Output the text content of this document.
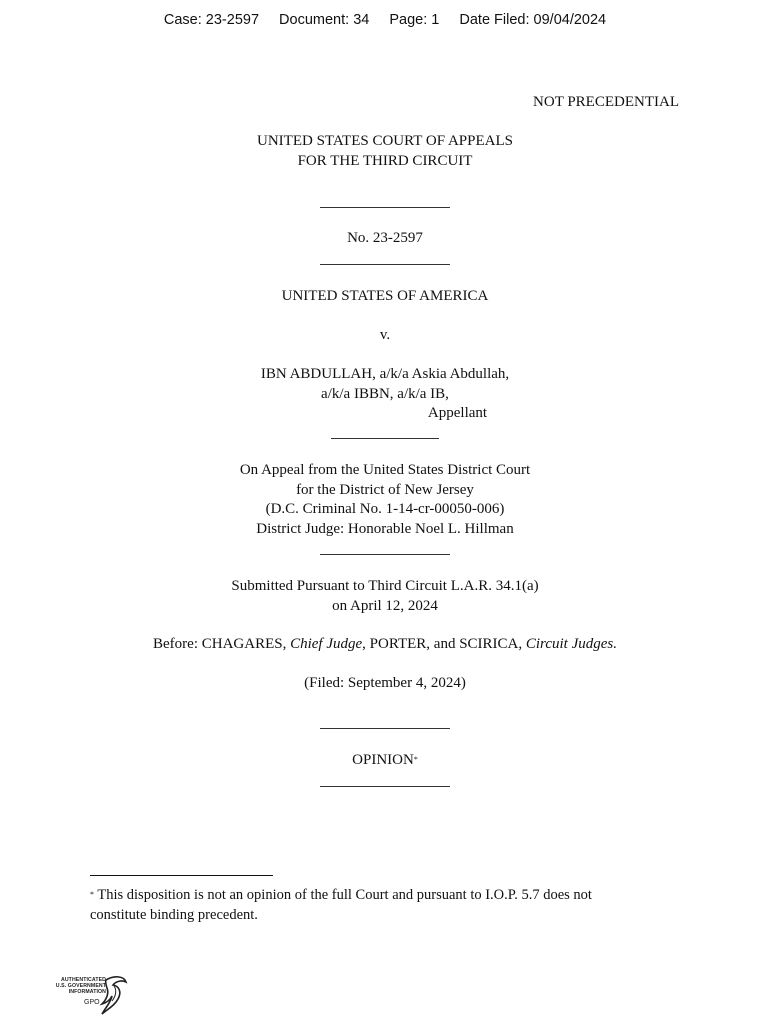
Case: 23-2597 Document: 34 Page: 1 Date Filed: 09/04/2024
NOT PRECEDENTIAL
UNITED STATES COURT OF APPEALS
FOR THE THIRD CIRCUIT
No. 23-2597
UNITED STATES OF AMERICA
v.
IBN ABDULLAH, a/k/a Askia Abdullah,
a/k/a IBBN, a/k/a IB,
Appellant
On Appeal from the United States District Court
for the District of New Jersey
(D.C. Criminal No. 1-14-cr-00050-006)
District Judge: Honorable Noel L. Hillman
Submitted Pursuant to Third Circuit L.A.R. 34.1(a)
on April 12, 2024
Before: CHAGARES, Chief Judge, PORTER, and SCIRICA, Circuit Judges.
(Filed: September 4, 2024)
OPINION*
* This disposition is not an opinion of the full Court and pursuant to I.O.P. 5.7 does not
constitute binding precedent.
AUTHENTICATED
U.S. GOVERNMENT
INFORMATION
GPO
